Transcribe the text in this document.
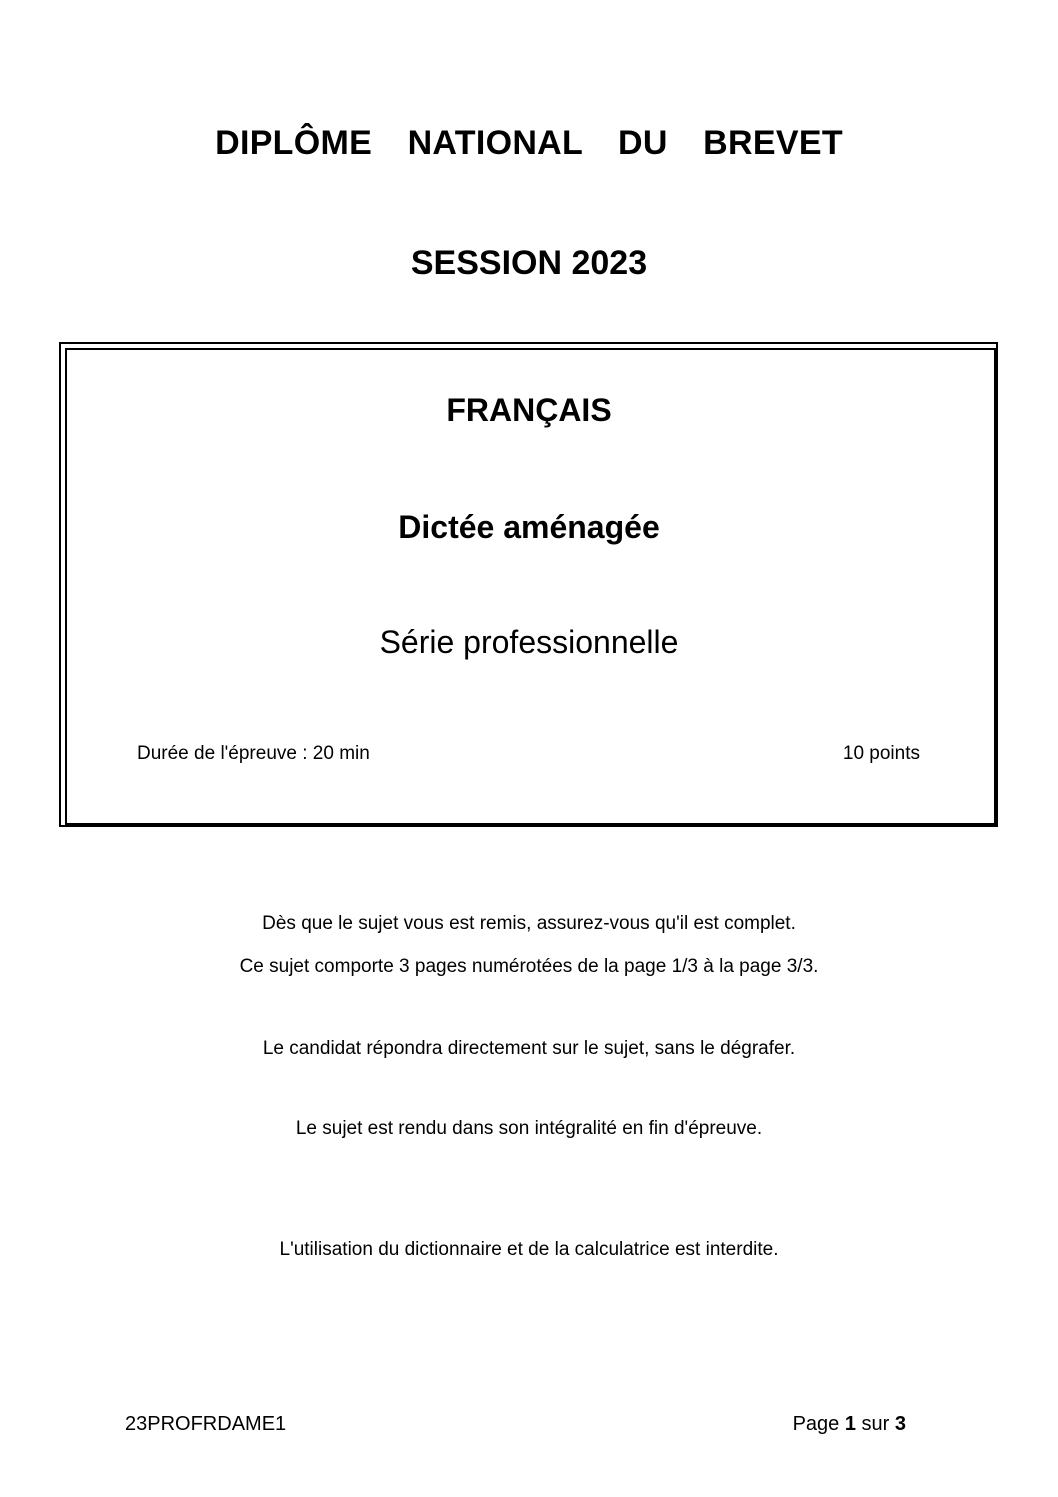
DIPLÔME  NATIONAL  DU  BREVET
SESSION 2023
FRANÇAIS
Dictée aménagée
Série professionnelle
Durée de l'épreuve : 20 min	10 points
Dès que le sujet vous est remis, assurez-vous qu'il est complet.
Ce sujet comporte 3 pages numérotées de la page 1/3 à la page 3/3.
Le candidat répondra directement sur le sujet, sans le dégrafer.
Le sujet est rendu dans son intégralité en fin d'épreuve.
L'utilisation du dictionnaire et de la calculatrice est interdite.
23PROFRDAME1	Page 1 sur 3
